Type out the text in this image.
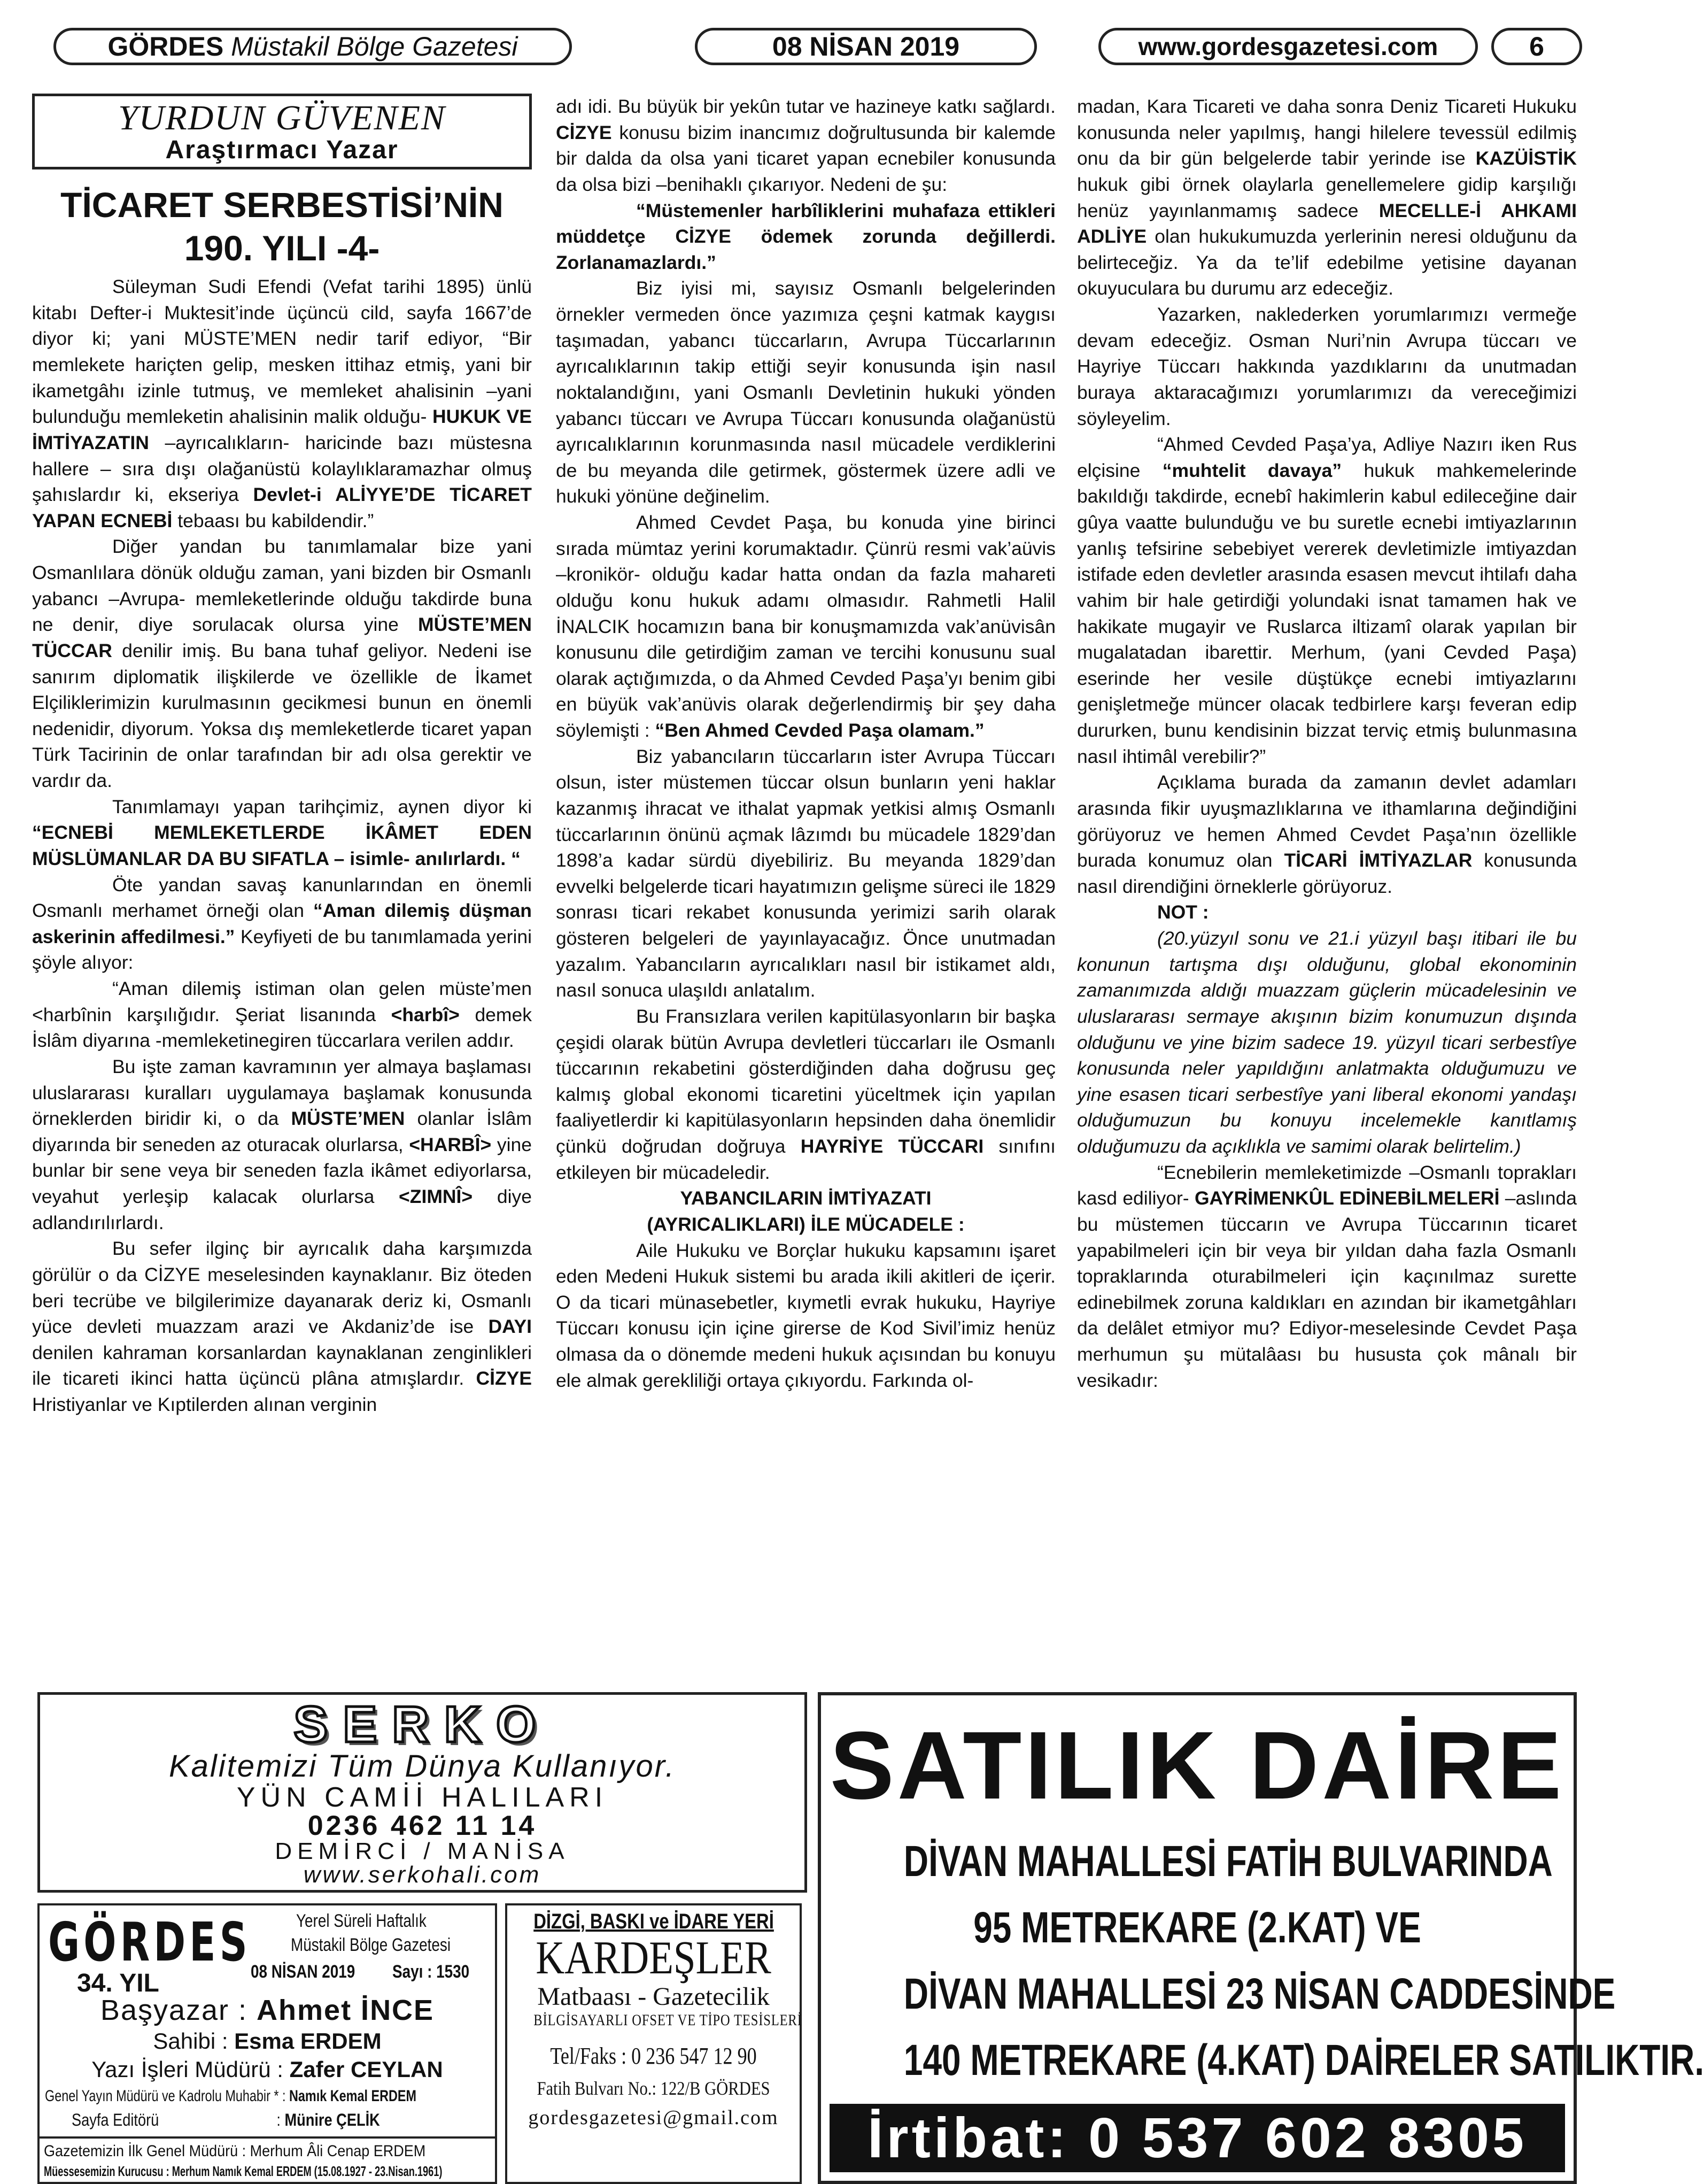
GÖRDES Müstakil Bölge Gazetesi	08 NİSAN 2019	www.gordesgazetesi.com	6
YURDUN GÜVENEN
Araştırmacı Yazar
TİCARET SERBESTİSİ’NİN
190. YILI -4-

Süleyman Sudi Efendi (Vefat tarihi 1895) ünlü kitabı Defter-i Muktesit’inde üçüncü cild, sayfa 1667’de diyor ki; yani MÜSTE’MEN nedir tarif ediyor, “Bir memlekete hariçten gelip, mesken ittihaz etmiş, yani bir ikametgâhı izinle tutmuş, ve memleket ahalisinin –yani bulunduğu memleketin ahalisinin malik olduğu- HUKUK VE İMTİYAZATIN –ayrıcalıkların- haricinde bazı müstesna hallere – sıra dışı olağanüstü kolaylıklaramazhar olmuş şahıslardır ki, ekseriya Devlet-i ALİYYE’DE TİCARET YAPAN ECNEBİ tebaası bu kabildendir.”

Diğer yandan bu tanımlamalar bize yani Osmanlılara dönük olduğu zaman, yani bizden bir Osmanlı yabancı –Avrupa- memleketlerinde olduğu takdirde buna ne denir, diye sorulacak olursa yine MÜSTE’MEN TÜCCAR denilir imiş. Bu bana tuhaf geliyor. Nedeni ise sanırım diplomatik ilişkilerde ve özellikle de İkamet Elçiliklerimizin kurulmasının gecikmesi bunun en önemli nedenidir, diyorum. Yoksa dış memleketlerde ticaret yapan Türk Tacirinin de onlar tarafından bir adı olsa gerektir ve vardır da.

Tanımlamayı yapan tarihçimiz, aynen diyor ki “ECNEBİ MEMLEKETLERDE İKÂMET EDEN MÜSLÜMANLAR DA BU SIFATLA – isimle- anılırlardı. “

Öte yandan savaş kanunlarından en önemli Osmanlı merhamet örneği olan “Aman dilemiş düşman askerinin affedilmesi.” Keyfiyeti de bu tanımlamada yerini şöyle alıyor:

“Aman dilemiş istiman olan gelen müste’men <harbînin karşılığıdır. Şeriat lisanında <harbî> demek İslâm diyarına -memleketinegiren tüccarlara verilen addır.

Bu işte zaman kavramının yer almaya başlaması uluslararası kuralları uygulamaya başlamak konusunda örneklerden biridir ki, o da MÜSTE’MEN olanlar İslâm diyarında bir seneden az oturacak olurlarsa, <HARBÎ> yine bunlar bir sene veya bir seneden fazla ikâmet ediyorlarsa, veyahut yerleşip kalacak olurlarsa <ZIMNÎ> diye adlandırılırlardı.

Bu sefer ilginç bir ayrıcalık daha karşımızda görülür o da CİZYE meselesinden kaynaklanır. Biz öteden beri tecrübe ve bilgilerimize dayanarak deriz ki, Osmanlı yüce devleti muazzam arazi ve Akdaniz’de ise DAYI denilen kahraman korsanlardan kaynaklanan zenginlikleri ile ticareti ikinci hatta üçüncü plâna atmışlardır. CİZYE Hristiyanlar ve Kıptilerden alınan verginin

adı idi. Bu büyük bir yekûn tutar ve hazineye katkı sağlardı. CİZYE konusu bizim inancımız doğrultusunda bir kalemde bir dalda da olsa yani ticaret yapan ecnebiler konusunda da olsa bizi –benihaklı çıkarıyor. Nedeni de şu:

“Müstemenler harbîliklerini muhafaza ettikleri müddetçe CİZYE ödemek zorunda değillerdi. Zorlanamazlardı.”

Biz iyisi mi, sayısız Osmanlı belgelerinden örnekler vermeden önce yazımıza çeşni katmak kaygısı taşımadan, yabancı tüccarların, Avrupa Tüccarlarının ayrıcalıklarının takip ettiği seyir konusunda işin nasıl noktalandığını, yani Osmanlı Devletinin hukuki yönden yabancı tüccarı ve Avrupa Tüccarı konusunda olağanüstü ayrıcalıklarının korunmasında nasıl mücadele verdiklerini de bu meyanda dile getirmek, göstermek üzere adli ve hukuki yönüne değinelim.

Ahmed Cevdet Paşa, bu konuda yine birinci sırada mümtaz yerini korumaktadır. Çünrü resmi vak’aüvis –kronikör- olduğu kadar hatta ondan da fazla mahareti olduğu konu hukuk adamı olmasıdır. Rahmetli Halil İNALCIK hocamızın bana bir konuşmamızda vak’anüvisân konusunu dile getirdiğim zaman ve tercihi konusunu sual olarak açtığımızda, o da Ahmed Cevded Paşa’yı benim gibi en büyük vak’anüvis olarak değerlendirmiş bir şey daha söylemişti : “Ben Ahmed Cevded Paşa olamam.”

Biz yabancıların tüccarların ister Avrupa Tüccarı olsun, ister müstemen tüccar olsun bunların yeni haklar kazanmış ihracat ve ithalat yapmak yetkisi almış Osmanlı tüccarlarının önünü açmak lâzımdı bu mücadele 1829’dan 1898’a kadar sürdü diyebiliriz. Bu meyanda 1829’dan evvelki belgelerde ticari hayatımızın gelişme süreci ile 1829 sonrası ticari rekabet konusunda yerimizi sarih olarak gösteren belgeleri de yayınlayacağız. Önce unutmadan yazalım. Yabancıların ayrıcalıkları nasıl bir istikamet aldı, nasıl sonuca ulaşıldı anlatalım.

Bu Fransızlara verilen kapitülasyonların bir başka çeşidi olarak bütün Avrupa devletleri tüccarları ile Osmanlı tüccarının rekabetini gösterdiğinden daha doğrusu geç kalmış global ekonomi ticaretini yüceltmek için yapılan faaliyetlerdir ki kapitülasyonların hepsinden daha önemlidir çünkü doğrudan doğruya HAYRİYE TÜCCARI sınıfını etkileyen bir mücadeledir.

YABANCILARIN İMTİYAZATI

(AYRICALIKLARI) İLE MÜCADELE :

Aile Hukuku ve Borçlar hukuku kapsamını işaret eden Medeni Hukuk sistemi bu arada ikili akitleri de içerir. O da ticari münasebetler, kıymetli evrak hukuku, Hayriye Tüccarı konusu için içine girerse de Kod Sivil’imiz henüz olmasa da o dönemde medeni hukuk açısından bu konuyu ele almak gerekliliği ortaya çıkıyordu. Farkında ol-

madan, Kara Ticareti ve daha sonra Deniz Ticareti Hukuku konusunda neler yapılmış, hangi hilelere tevessül edilmiş onu da bir gün belgelerde tabir yerinde ise KAZÜİSTİK hukuk gibi örnek olaylarla genellemelere gidip karşılığı henüz yayınlanmamış sadece MECELLE-İ AHKAMI ADLİYE olan hukukumuzda yerlerinin neresi olduğunu da belirteceğiz. Ya da te’lif edebilme yetisine dayanan okuyuculara bu durumu arz edeceğiz.

Yazarken, naklederken yorumlarımızı vermeğe devam edeceğiz. Osman Nuri’nin Avrupa tüccarı ve Hayriye Tüccarı hakkında yazdıklarını da unutmadan buraya aktaracağımızı yorumlarımızı da vereceğimizi söyleyelim.

“Ahmed Cevded Paşa’ya, Adliye Nazırı iken Rus elçisine “muhtelit davaya” hukuk mahkemelerinde bakıldığı takdirde, ecnebî hakimlerin kabul edileceğine dair gûya vaatte bulunduğu ve bu suretle ecnebi imtiyazlarının yanlış tefsirine sebebiyet vererek devletimizle imtiyazdan istifade eden devletler arasında esasen mevcut ihtilafı daha vahim bir hale getirdiği yolundaki isnat tamamen hak ve hakikate mugayir ve Ruslarca iltizamî olarak yapılan bir mugalatadan ibarettir. Merhum, (yani Cevded Paşa) eserinde her vesile düştükçe ecnebi imtiyazlarını genişletmeğe müncer olacak tedbirlere karşı feveran edip dururken, bunu kendisinin bizzat terviç etmiş bulunmasına nasıl ihtimâl verebilir?”

Açıklama burada da zamanın devlet adamları arasında fikir uyuşmazlıklarına ve ithamlarına değindiğini görüyoruz ve hemen Ahmed Cevdet Paşa’nın özellikle burada konumuz olan TİCARİ İMTİYAZLAR konusunda nasıl direndiğini örneklerle görüyoruz.

NOT :

(20.yüzyıl sonu ve 21.i yüzyıl başı itibari ile bu konunun tartışma dışı olduğunu, global ekonominin zamanımızda aldığı muazzam güçlerin mücadelesinin ve uluslararası sermaye akışının bizim konumuzun dışında olduğunu ve yine bizim sadece 19. yüzyıl ticari serbestîye konusunda neler yapıldığını anlatmakta olduğumuzu ve yine esasen ticari serbestîye yani liberal ekonomi yandaşı olduğumuzun bu konuyu incelemekle kanıtlamış olduğumuzu da açıklıkla ve samimi olarak belirtelim.)

“Ecnebilerin memleketimizde –Osmanlı toprakları kasd ediliyor- GAYRİMENKÛL EDİNEBİLMELERİ –aslında bu müstemen tüccarın ve Avrupa Tüccarının ticaret yapabilmeleri için bir veya bir yıldan daha fazla Osmanlı topraklarında oturabilmeleri için kaçınılmaz surette edinebilmek zoruna kaldıkları en azından bir ikametgâhları da delâlet etmiyor mu? Ediyor-meselesinde Cevdet Paşa merhumun şu mütalâası bu hususta çok mânalı bir vesikadır:

SERKO
Kalitemizi Tüm Dünya Kullanıyor.
YÜN CAMİİ HALILARI
0236 462 11 14
DEMİRCİ / MANİSA
www.serkohali.com
GÖRDES
34. YIL
Yerel Süreli Haftalık
Müstakil Bölge Gazetesi
08 NİSAN 2019 Sayı : 1530
Başyazar : Ahmet İNCE
Sahibi : Esma ERDEM
Yazı İşleri Müdürü : Zafer CEYLAN
Genel Yayın Müdürü ve Kadrolu Muhabir * : Namık Kemal ERDEM
Sayfa Editörü	: Münire ÇELİK
Gazetemizin İlk Genel Müdürü : Merhum Âli Cenap ERDEM
Müessesemizin Kurucusu : Merhum Namık Kemal ERDEM (15.08.1927 - 23.Nisan.1961)
DİZGİ, BASKI ve İDARE YERİ
KARDEŞLER
Matbaası - Gazetecilik
BİLGİSAYARLI OFSET VE TİPO TESİSLERİ
Tel/Faks : 0 236 547 12 90
Fatih Bulvarı No.: 122/B GÖRDES
gordesgazetesi@gmail.com
SATILIK DAİRE
DİVAN MAHALLESİ FATİH BULVARINDA
95 METREKARE (2.KAT) VE
DİVAN MAHALLESİ 23 NİSAN CADDESİNDE
140 METREKARE (4.KAT) DAİRELER SATILIKTIR.
İrtibat: 0 537 602 8305
